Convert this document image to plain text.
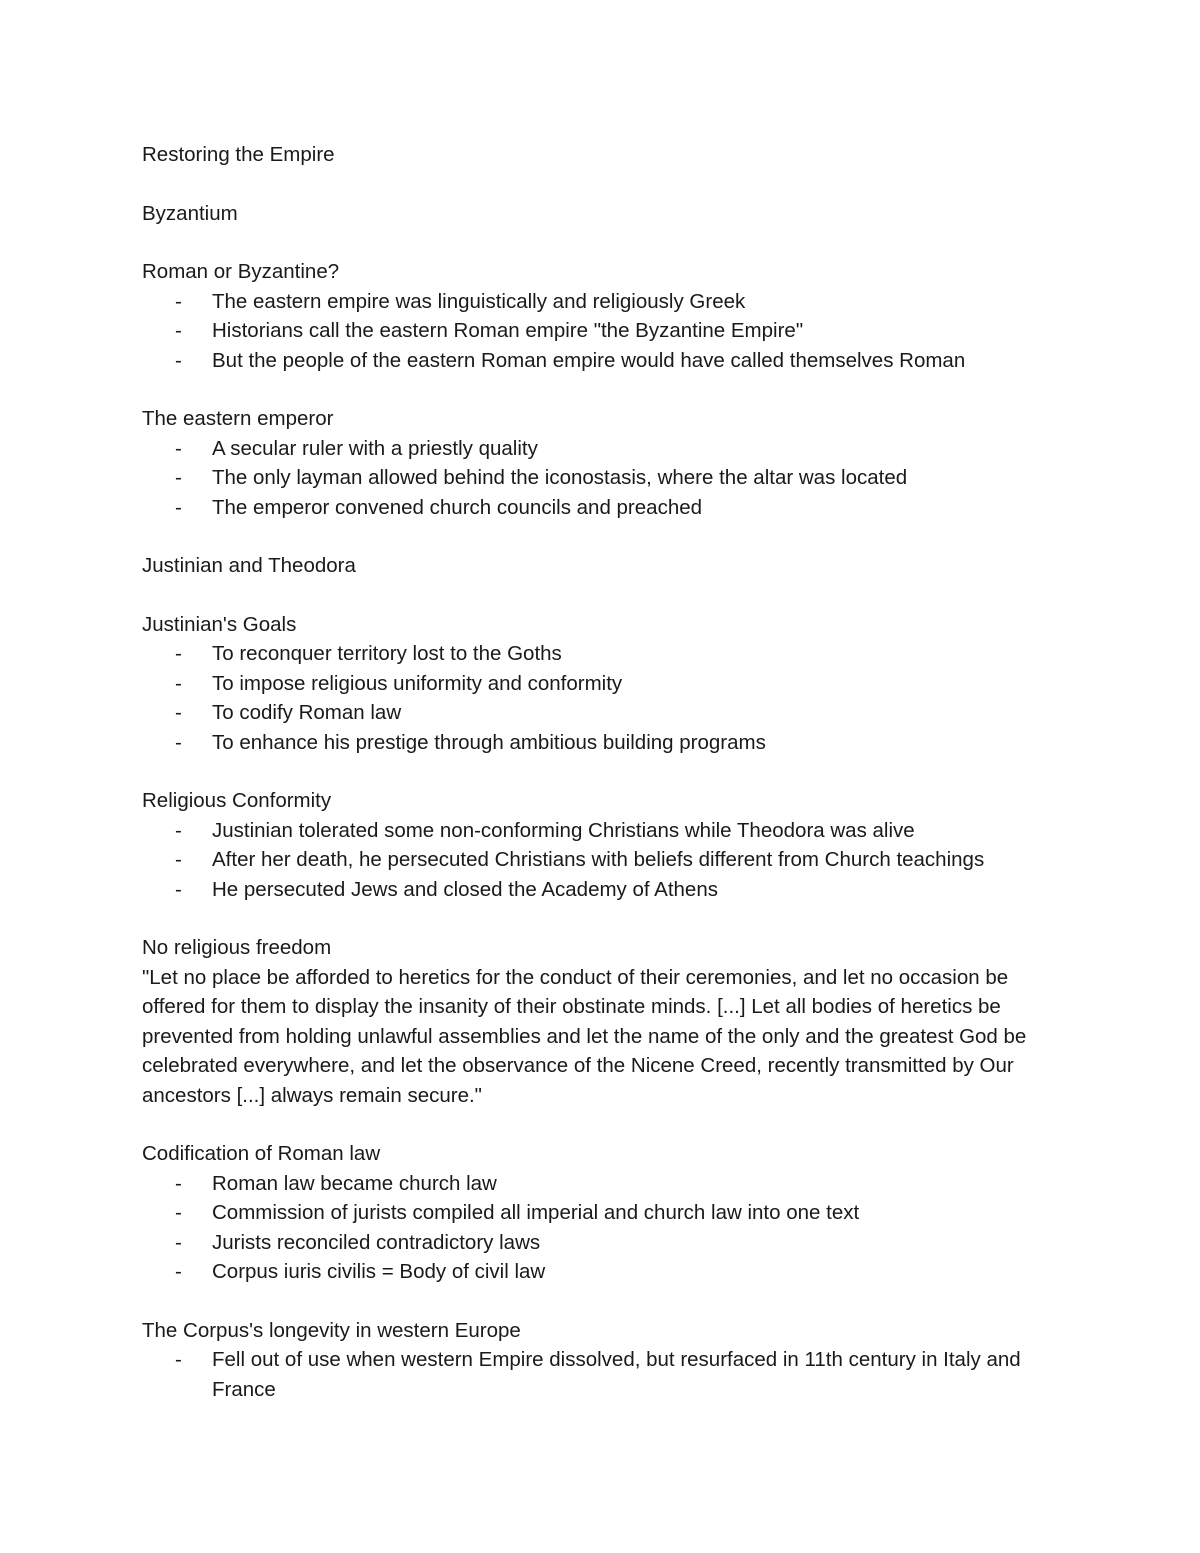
Restoring the Empire
Byzantium
Roman or Byzantine?
- The eastern empire was linguistically and religiously Greek
- Historians call the eastern Roman empire "the Byzantine Empire"
- But the people of the eastern Roman empire would have called themselves Roman
The eastern emperor
- A secular ruler with a priestly quality
- The only layman allowed behind the iconostasis, where the altar was located
- The emperor convened church councils and preached
Justinian and Theodora
Justinian's Goals
- To reconquer territory lost to the Goths
- To impose religious uniformity and conformity
- To codify Roman law
- To enhance his prestige through ambitious building programs
Religious Conformity
- Justinian tolerated some non-conforming Christians while Theodora was alive
- After her death, he persecuted Christians with beliefs different from Church teachings
- He persecuted Jews and closed the Academy of Athens
No religious freedom
"Let no place be afforded to heretics for the conduct of their ceremonies, and let no occasion be offered for them to display the insanity of their obstinate minds. [...] Let all bodies of heretics be prevented from holding unlawful assemblies and let the name of the only and the greatest God be celebrated everywhere, and let the observance of the Nicene Creed, recently transmitted by Our ancestors [...] always remain secure."
Codification of Roman law
- Roman law became church law
- Commission of jurists compiled all imperial and church law into one text
- Jurists reconciled contradictory laws
- Corpus iuris civilis = Body of civil law
The Corpus's longevity in western Europe
- Fell out of use when western Empire dissolved, but resurfaced in 11th century in Italy and France
